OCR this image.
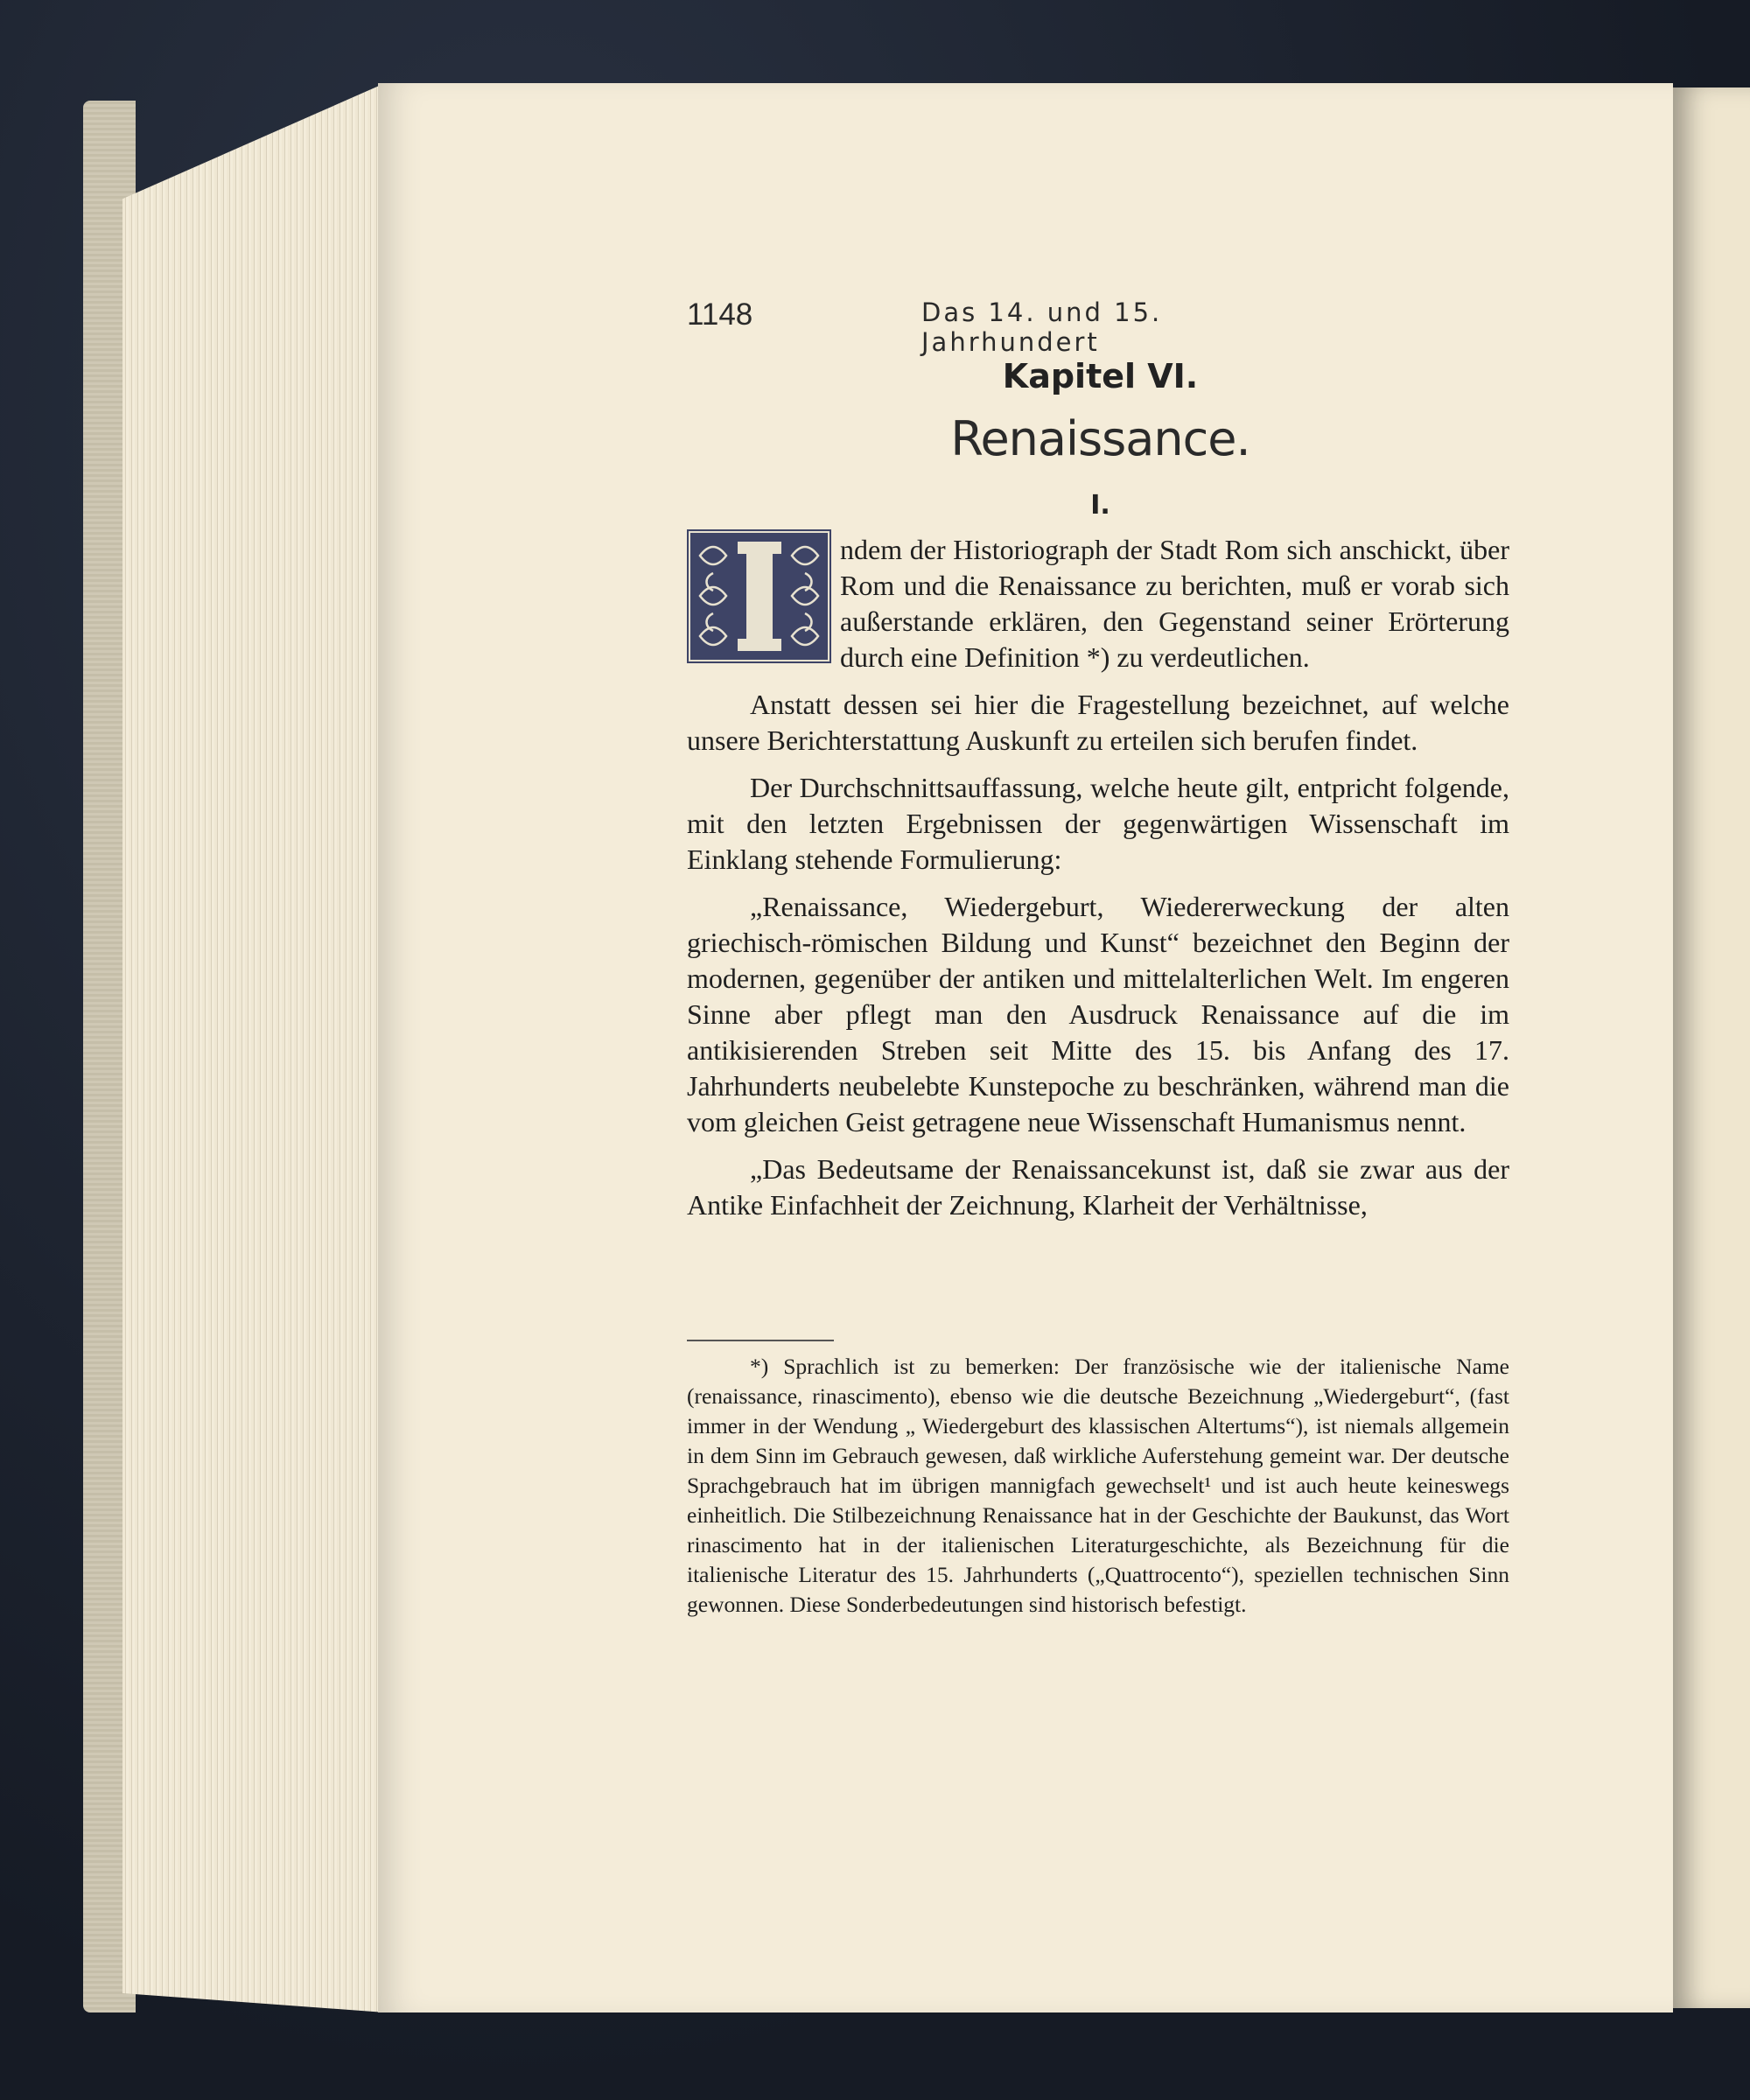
1148	Das 14. und 15. Jahrhundert
Kapitel VI.
Renaissance.
I.

ndem der Historiograph der Stadt Rom sich anschickt, über Rom und die Renaissance zu berichten, muß er vorab sich außerstande erklären, den Gegenstand seiner Erörterung durch eine Definition *) zu verdeutlichen.

Anstatt dessen sei hier die Fragestellung bezeichnet, auf welche unsere Berichterstattung Auskunft zu erteilen sich berufen findet.

Der Durchschnittsauffassung, welche heute gilt, entpricht folgende, mit den letzten Ergebnissen der gegenwärtigen Wissenschaft im Einklang stehende Formulierung:

„Renaissance, Wiedergeburt, Wiedererweckung der alten griechisch-römischen Bildung und Kunst“ bezeichnet den Beginn der modernen, gegenüber der antiken und mittelalterlichen Welt. Im engeren Sinne aber pflegt man den Ausdruck Renaissance auf die im antikisierenden Streben seit Mitte des 15. bis Anfang des 17. Jahrhunderts neubelebte Kunstepoche zu beschränken, während man die vom gleichen Geist getragene neue Wissenschaft Humanismus nennt.

„Das Bedeutsame der Renaissancekunst ist, daß sie zwar aus der Antike Einfachheit der Zeichnung, Klarheit der Verhältnisse,

*) Sprachlich ist zu bemerken: Der französische wie der italienische Name (renaissance, rinascimento), ebenso wie die deutsche Bezeichnung „Wiedergeburt“, (fast immer in der Wendung „ Wiedergeburt des klassischen Altertums“), ist niemals allgemein in dem Sinn im Gebrauch gewesen, daß wirkliche Auferstehung gemeint war. Der deutsche Sprachgebrauch hat im übrigen mannigfach gewechselt¹ und ist auch heute keineswegs einheitlich. Die Stilbezeichnung Renaissance hat in der Geschichte der Baukunst, das Wort rinascimento hat in der italienischen Literaturgeschichte, als Bezeichnung für die italienische Literatur des 15. Jahrhunderts („Quattrocento“), speziellen technischen Sinn gewonnen. Diese Sonderbedeutungen sind historisch befestigt.
